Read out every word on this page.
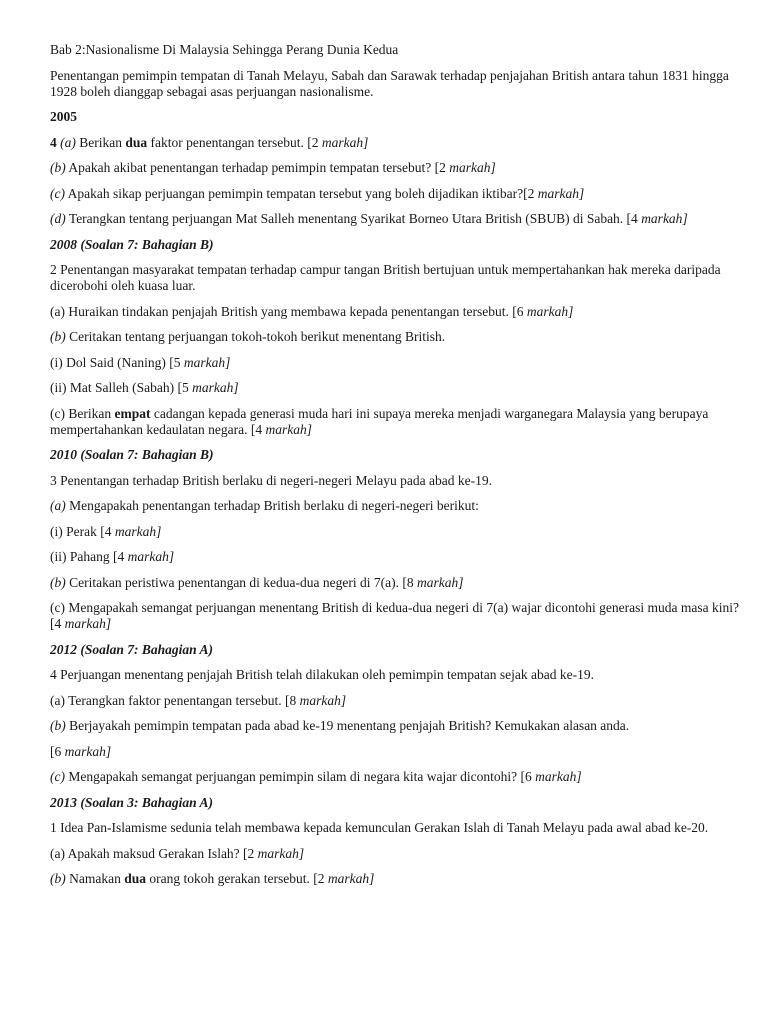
Bab 2:Nasionalisme Di Malaysia Sehingga Perang Dunia Kedua

Penentangan pemimpin tempatan di Tanah Melayu, Sabah dan Sarawak terhadap penjajahan British antara tahun 1831 hingga 1928 boleh dianggap sebagai asas perjuangan nasionalisme.

2005

4 (a) Berikan dua faktor penentangan tersebut. [2 markah]

(b) Apakah akibat penentangan terhadap pemimpin tempatan tersebut? [2 markah]

(c) Apakah sikap perjuangan pemimpin tempatan tersebut yang boleh dijadikan iktibar?[2 markah]

(d) Terangkan tentang perjuangan Mat Salleh menentang Syarikat Borneo Utara British (SBUB) di Sabah. [4 markah]

2008 (Soalan 7: Bahagian B)

2 Penentangan masyarakat tempatan terhadap campur tangan British bertujuan untuk mempertahankan hak mereka daripada dicerobohi oleh kuasa luar.

(a) Huraikan tindakan penjajah British yang membawa kepada penentangan tersebut. [6 markah]

(b) Ceritakan tentang perjuangan tokoh-tokoh berikut menentang British.

(i) Dol Said (Naning) [5 markah]

(ii) Mat Salleh (Sabah) [5 markah]

(c) Berikan empat cadangan kepada generasi muda hari ini supaya mereka menjadi warganegara Malaysia yang berupaya mempertahankan kedaulatan negara. [4 markah]

2010 (Soalan 7: Bahagian B)

3 Penentangan terhadap British berlaku di negeri-negeri Melayu pada abad ke-19.

(a) Mengapakah penentangan terhadap British berlaku di negeri-negeri berikut:

(i) Perak [4 markah]

(ii) Pahang [4 markah]

(b) Ceritakan peristiwa penentangan di kedua-dua negeri di 7(a). [8 markah]

(c) Mengapakah semangat perjuangan menentang British di kedua-dua negeri di 7(a) wajar dicontohi generasi muda masa kini? [4 markah]

2012 (Soalan 7: Bahagian A)

4 Perjuangan menentang penjajah British telah dilakukan oleh pemimpin tempatan sejak abad ke-19.

(a) Terangkan faktor penentangan tersebut. [8 markah]

(b) Berjayakah pemimpin tempatan pada abad ke-19 menentang penjajah British? Kemukakan alasan anda.

[6 markah]

(c) Mengapakah semangat perjuangan pemimpin silam di negara kita wajar dicontohi? [6 markah]

2013 (Soalan 3: Bahagian A)

1 Idea Pan-Islamisme sedunia telah membawa kepada kemunculan Gerakan Islah di Tanah Melayu pada awal abad ke-20.

(a) Apakah maksud Gerakan Islah? [2 markah]

(b) Namakan dua orang tokoh gerakan tersebut. [2 markah]
